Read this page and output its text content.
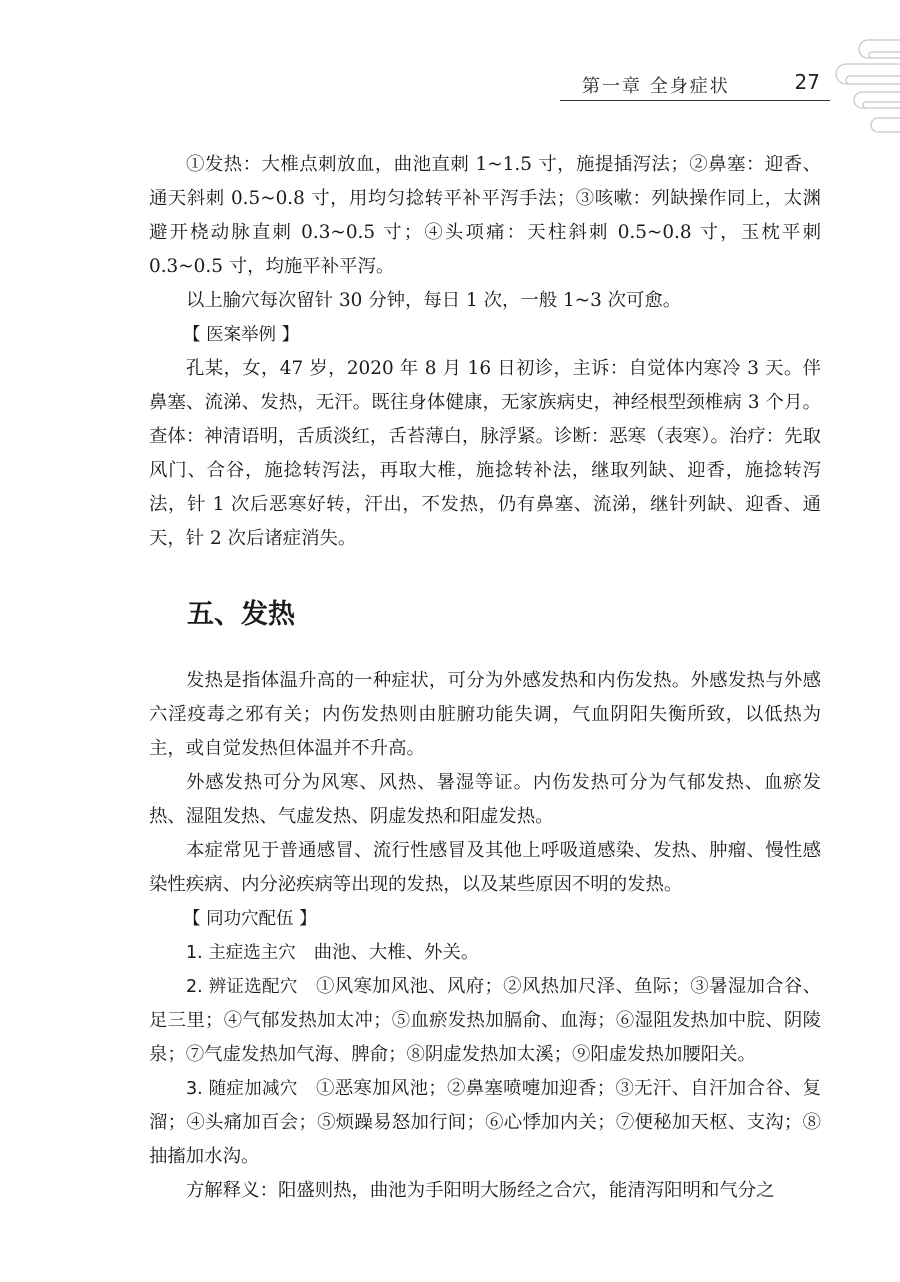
第一章 全身症状	27

①发热：大椎点刺放血，曲池直刺 1~1.5 寸，施提插泻法；②鼻塞：迎香、通天斜刺 0.5~0.8 寸，用均匀捻转平补平泻手法；③咳嗽：列缺操作同上，太渊避开桡动脉直刺 0.3~0.5 寸；④头项痛：天柱斜刺 0.5~0.8 寸，玉枕平刺 0.3~0.5 寸，均施平补平泻。

以上腧穴每次留针 30 分钟，每日 1 次，一般 1~3 次可愈。

【 医案举例 】

孔某，女，47 岁，2020 年 8 月 16 日初诊，主诉：自觉体内寒冷 3 天。伴鼻塞、流涕、发热，无汗。既往身体健康，无家族病史，神经根型颈椎病 3 个月。查体：神清语明，舌质淡红，舌苔薄白，脉浮紧。诊断：恶寒（表寒）。治疗：先取风门、合谷，施捻转泻法，再取大椎，施捻转补法，继取列缺、迎香，施捻转泻法，针 1 次后恶寒好转，汗出，不发热，仍有鼻塞、流涕，继针列缺、迎香、通天，针 2 次后诸症消失。

五、发热

发热是指体温升高的一种症状，可分为外感发热和内伤发热。外感发热与外感六淫疫毒之邪有关；内伤发热则由脏腑功能失调，气血阴阳失衡所致，以低热为主，或自觉发热但体温并不升高。

外感发热可分为风寒、风热、暑湿等证。内伤发热可分为气郁发热、血瘀发热、湿阻发热、气虚发热、阴虚发热和阳虚发热。

本症常见于普通感冒、流行性感冒及其他上呼吸道感染、发热、肿瘤、慢性感染性疾病、内分泌疾病等出现的发热，以及某些原因不明的发热。

【 同功穴配伍 】

1. 主症选主穴 曲池、大椎、外关。

2. 辨证选配穴 ①风寒加风池、风府；②风热加尺泽、鱼际；③暑湿加合谷、足三里；④气郁发热加太冲；⑤血瘀发热加膈俞、血海；⑥湿阻发热加中脘、阴陵泉；⑦气虚发热加气海、脾俞；⑧阴虚发热加太溪；⑨阳虚发热加腰阳关。

3. 随症加减穴 ①恶寒加风池；②鼻塞喷嚏加迎香；③无汗、自汗加合谷、复溜；④头痛加百会；⑤烦躁易怒加行间；⑥心悸加内关；⑦便秘加天枢、支沟；⑧抽搐加水沟。

方解释义：阳盛则热，曲池为手阳明大肠经之合穴，能清泻阳明和气分之
